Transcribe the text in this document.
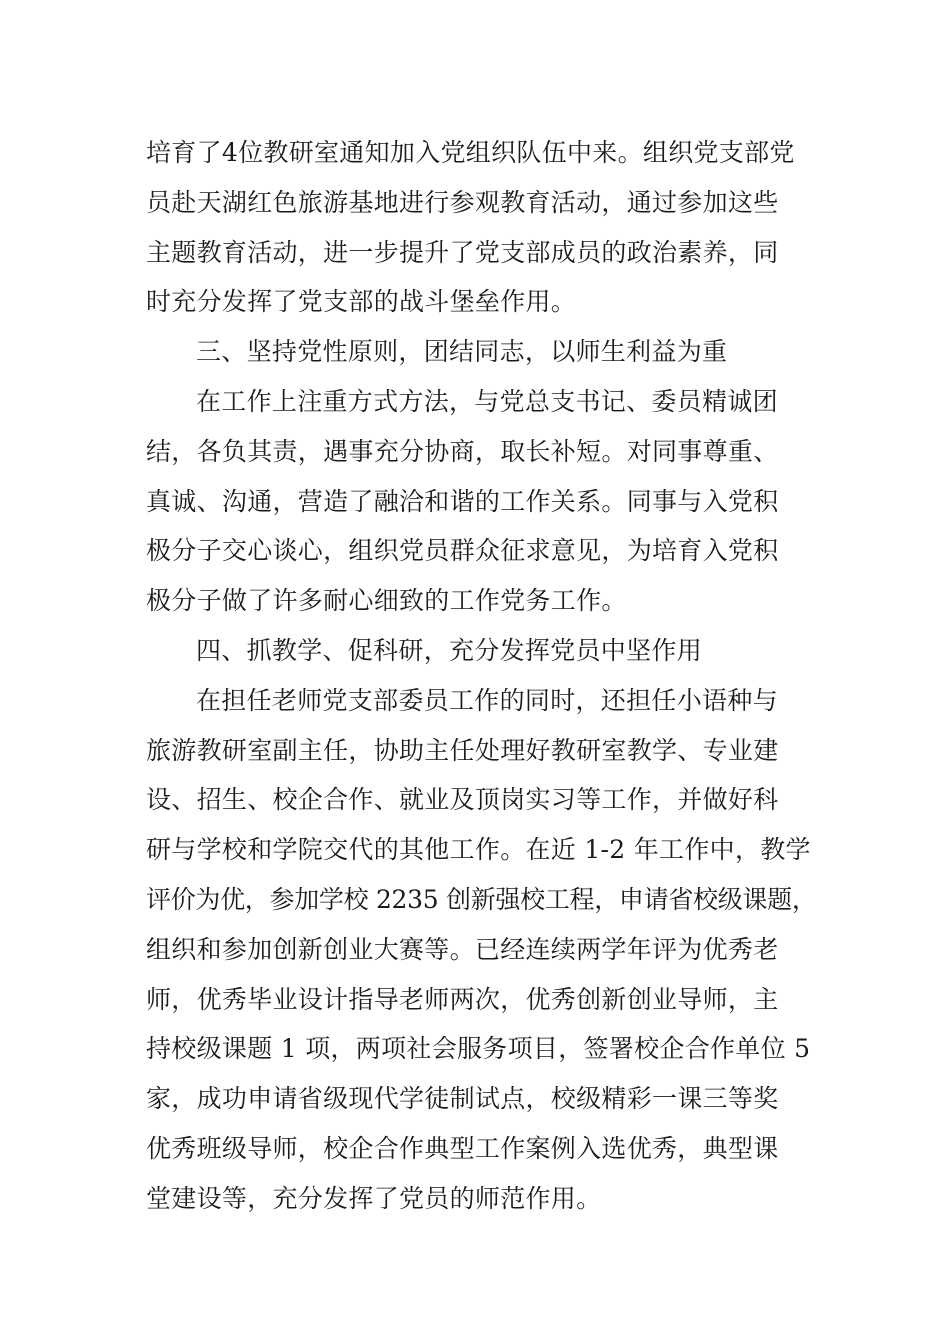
培育了4位教研室通知加入党组织队伍中来。组织党支部党
员赴天湖红色旅游基地进行参观教育活动，通过参加这些
主题教育活动，进一步提升了党支部成员的政治素养，同
时充分发挥了党支部的战斗堡垒作用。
三、坚持党性原则，团结同志，以师生利益为重
在工作上注重方式方法，与党总支书记、委员精诚团
结，各负其责，遇事充分协商，取长补短。对同事尊重、
真诚、沟通，营造了融洽和谐的工作关系。同事与入党积
极分子交心谈心，组织党员群众征求意见，为培育入党积
极分子做了许多耐心细致的工作党务工作。
四、抓教学、促科研，充分发挥党员中坚作用
在担任老师党支部委员工作的同时，还担任小语种与
旅游教研室副主任，协助主任处理好教研室教学、专业建
设、招生、校企合作、就业及顶岗实习等工作，并做好科
研与学校和学院交代的其他工作。在近 1-2 年工作中，教学
评价为优，参加学校 2235 创新强校工程，申请省校级课题，
组织和参加创新创业大赛等。已经连续两学年评为优秀老
师，优秀毕业设计指导老师两次，优秀创新创业导师，主
持校级课题 1 项，两项社会服务项目，签署校企合作单位 5
家，成功申请省级现代学徒制试点，校级精彩一课三等奖
优秀班级导师，校企合作典型工作案例入选优秀，典型课
堂建设等，充分发挥了党员的师范作用。
